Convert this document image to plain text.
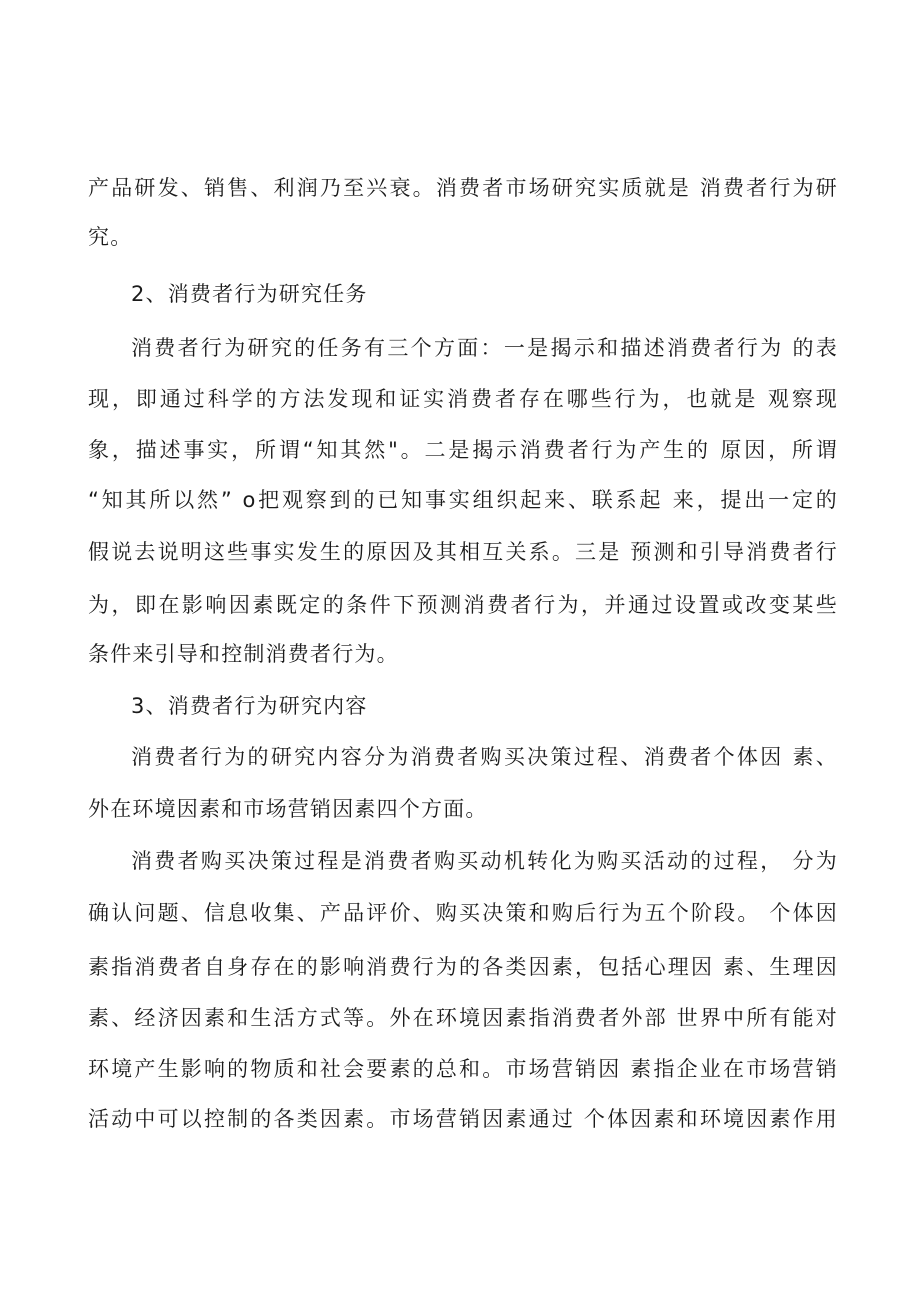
产品研发、销售、利润乃至兴衰。消费者市场研究实质就是 消费者行为研
究。
2、消费者行为研究任务
消费者行为研究的任务有三个方面：一是揭示和描述消费者行为 的表
现，即通过科学的方法发现和证实消费者存在哪些行为，也就是 观察现
象，描述事实，所谓“知其然"。二是揭示消费者行为产生的 原因，所谓
“知其所以然” o把观察到的已知事实组织起来、联系起 来，提出一定的
假说去说明这些事实发生的原因及其相互关系。三是 预测和引导消费者行
为，即在影响因素既定的条件下预测消费者行为，并通过设置或改变某些
条件来引导和控制消费者行为。
3、消费者行为研究内容
消费者行为的研究内容分为消费者购买决策过程、消费者个体因 素、
外在环境因素和市场营销因素四个方面。
消费者购买决策过程是消费者购买动机转化为购买活动的过程， 分为
确认问题、信息收集、产品评价、购买决策和购后行为五个阶段。 个体因
素指消费者自身存在的影响消费行为的各类因素，包括心理因 素、生理因
素、经济因素和生活方式等。外在环境因素指消费者外部 世界中所有能对
环境产生影响的物质和社会要素的总和。市场营销因 素指企业在市场营销
活动中可以控制的各类因素。市场营销因素通过 个体因素和环境因素作用
